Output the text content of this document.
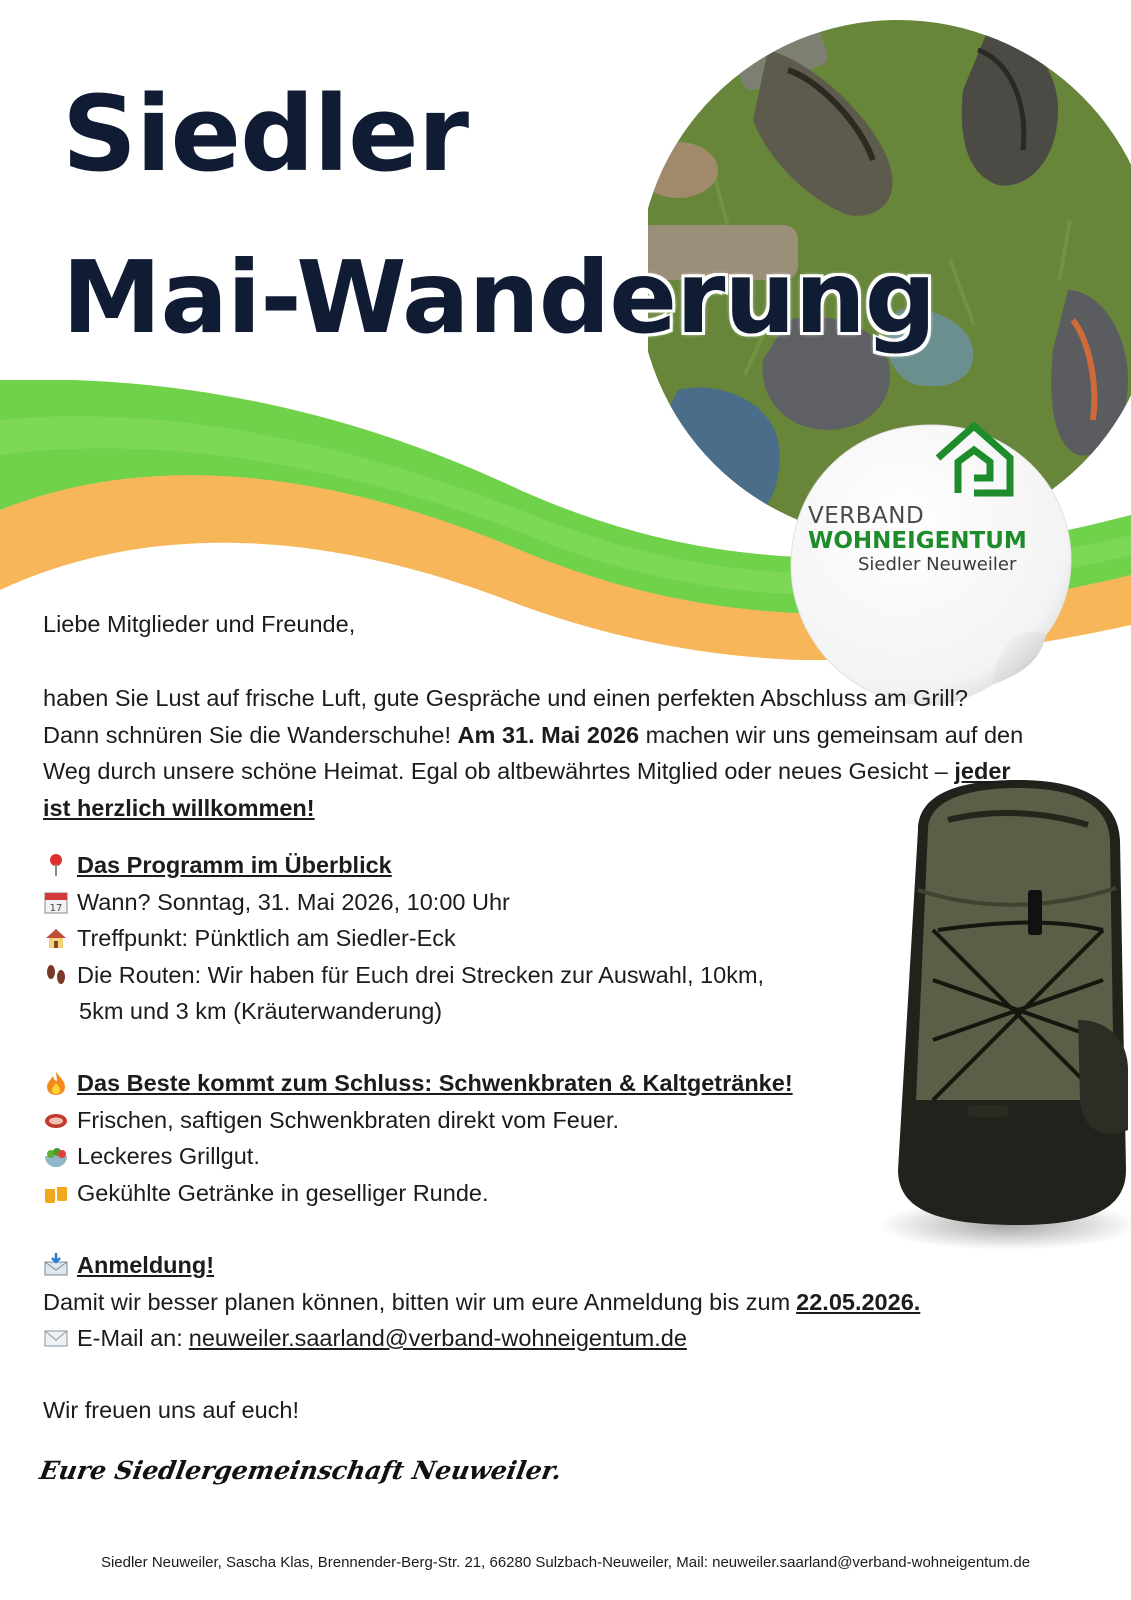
Siedler
Mai-Wanderung
VERBAND
WOHNEIGENTUM
Siedler Neuweiler
Liebe Mitglieder und Freunde,
haben Sie Lust auf frische Luft, gute Gespräche und einen perfekten Abschluss am Grill? Dann schnüren Sie die Wanderschuhe! Am 31. Mai 2026 machen wir uns gemeinsam auf den Weg durch unsere schöne Heimat. Egal ob altbewährtes Mitglied oder neues Gesicht – jeder ist herzlich willkommen!
Das Programm im Überblick
17 Wann? Sonntag, 31. Mai 2026, 10:00 Uhr
Treffpunkt: Pünktlich am Siedler-Eck
Die Routen: Wir haben für Euch drei Strecken zur Auswahl, 10km,
5km und 3 km (Kräuterwanderung)
Das Beste kommt zum Schluss: Schwenkbraten & Kaltgetränke!
Frischen, saftigen Schwenkbraten direkt vom Feuer.
Leckeres Grillgut.
Gekühlte Getränke in geselliger Runde.
Anmeldung!
Damit wir besser planen können, bitten wir um eure Anmeldung bis zum 22.05.2026.
E-Mail an: neuweiler.saarland@verband-wohneigentum.de
Wir freuen uns auf euch!
Eure Siedlergemeinschaft Neuweiler.
Siedler Neuweiler, Sascha Klas, Brennender-Berg-Str. 21, 66280 Sulzbach-Neuweiler, Mail: neuweiler.saarland@verband-wohneigentum.de
